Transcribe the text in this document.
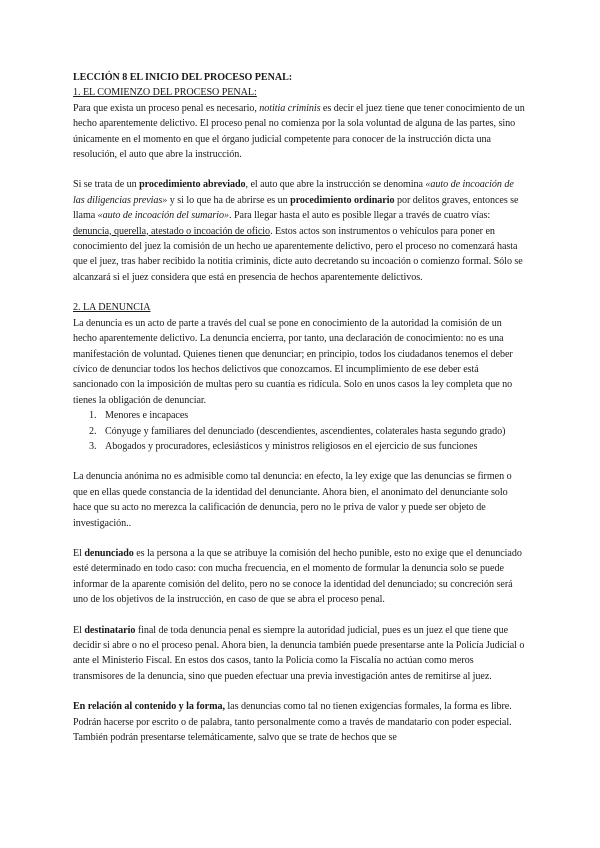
LECCIÓN 8 EL INICIO DEL PROCESO PENAL:

1. EL COMIENZO DEL PROCESO PENAL:

Para que exista un proceso penal es necesario, notitia criminis es decir el juez tiene que tener conocimiento de un hecho aparentemente delictivo. El proceso penal no comienza por la sola voluntad de alguna de las partes, sino únicamente en el momento en que el órgano judicial competente para conocer de la instrucción dicta una resolución, el auto que abre la instrucción.

Si se trata de un procedimiento abreviado, el auto que abre la instrucción se denomina «auto de incoación de las diligencias previas» y si lo que ha de abrirse es un procedimiento ordinario por delitos graves, entonces se llama «auto de incoación del sumario». Para llegar hasta el auto es posible llegar a través de cuatro vías: denuncia, querella, atestado o incoación de oficio. Estos actos son instrumentos o vehículos para poner en conocimiento del juez la comisión de un hecho ue aparentemente delictivo, pero el proceso no comenzará hasta que el juez, tras haber recibido la notitia criminis, dicte auto decretando su incoación o comienzo formal. Sólo se alcanzará si el juez considera que está en presencia de hechos aparentemente delictivos.

2. LA DENUNCIA

La denuncia es un acto de parte a través del cual se pone en conocimiento de la autoridad la comisión de un hecho aparentemente delictivo. La denuncia encierra, por tanto, una declaración de conocimiento: no es una manifestación de voluntad. Quienes tienen que denunciar; en principio, todos los ciudadanos tenemos el deber cívico de denunciar todos los hechos delictivos que conozcamos. El incumplimiento de ese deber está sancionado con la imposición de multas pero su cuantía es ridícula. Solo en unos casos la ley completa que no tienes la obligación de denunciar.

1. Menores e incapaces
2. Cónyuge y familiares del denunciado (descendientes, ascendientes, colaterales hasta segundo grado)
3. Abogados y procuradores, eclesiásticos y ministros religiosos en el ejercicio de sus funciones

La denuncia anónima no es admisible como tal denuncia: en efecto, la ley exige que las denuncias se firmen o que en ellas quede constancia de la identidad del denunciante. Ahora bien, el anonimato del denunciante solo hace que su acto no merezca la calificación de denuncia, pero no le priva de valor y puede ser objeto de investigación..

El denunciado es la persona a la que se atribuye la comisión del hecho punible, esto no exige que el denunciado esté determinado en todo caso: con mucha frecuencia, en el momento de formular la denuncia solo se puede informar de la aparente comisión del delito, pero no se conoce la identidad del denunciado; su concreción será uno de los objetivos de la instrucción, en caso de que se abra el proceso penal.

El destinatario final de toda denuncia penal es siempre la autoridad judicial, pues es un juez el que tiene que decidir si abre o no el proceso penal. Ahora bien, la denuncia también puede presentarse ante la Policía Judicial o ante el Ministerio Fiscal. En estos dos casos, tanto la Policía como la Fiscalía no actúan como meros transmisores de la denuncia, sino que pueden efectuar una previa investigación antes de remitirse al juez.

En relación al contenido y la forma, las denuncias como tal no tienen exigencias formales, la forma es libre. Podrán hacerse por escrito o de palabra, tanto personalmente como a través de mandatario con poder especial. También podrán presentarse telemáticamente, salvo que se trate de hechos que se
